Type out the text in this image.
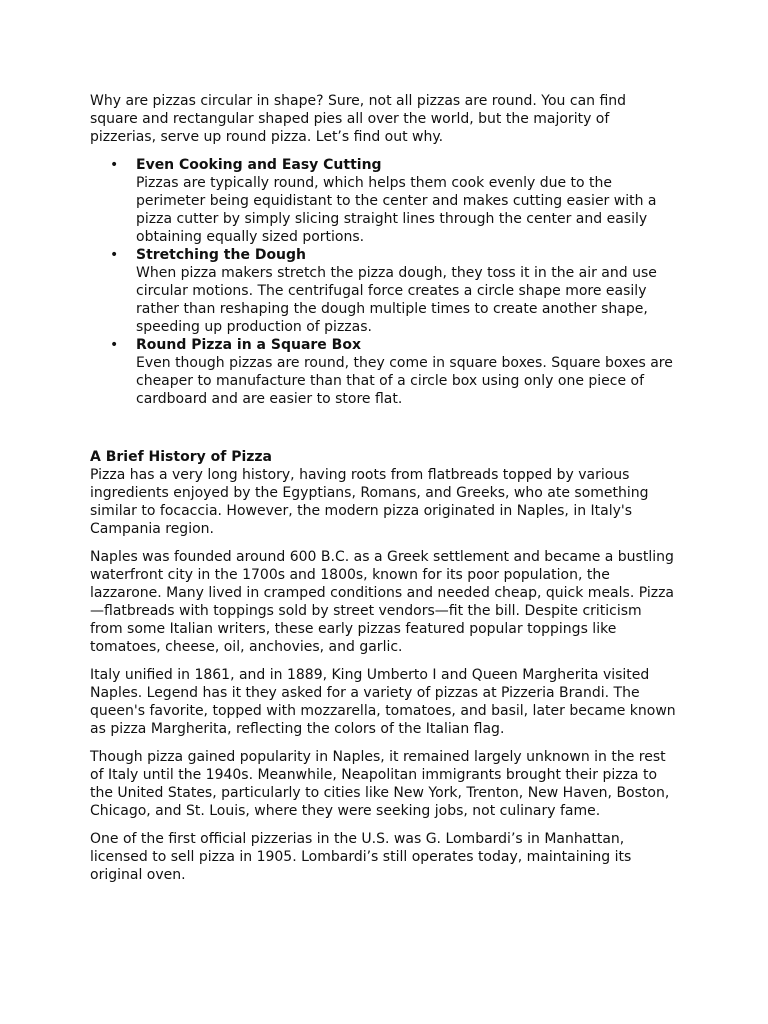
Why are pizzas circular in shape? Sure, not all pizzas are round. You can find square and rectangular shaped pies all over the world, but the majority of pizzerias, serve up round pizza. Let’s find out why.

• Even Cooking and Easy Cutting
Pizzas are typically round, which helps them cook evenly due to the perimeter being equidistant to the center and makes cutting easier with a pizza cutter by simply slicing straight lines through the center and easily obtaining equally sized portions.
• Stretching the Dough
When pizza makers stretch the pizza dough, they toss it in the air and use circular motions. The centrifugal force creates a circle shape more easily rather than reshaping the dough multiple times to create another shape, speeding up production of pizzas.
• Round Pizza in a Square Box
Even though pizzas are round, they come in square boxes. Square boxes are cheaper to manufacture than that of a circle box using only one piece of cardboard and are easier to store flat.
A Brief History of Pizza

Pizza has a very long history, having roots from flatbreads topped by various ingredients enjoyed by the Egyptians, Romans, and Greeks, who ate something similar to focaccia. However, the modern pizza originated in Naples, in Italy's Campania region.

Naples was founded around 600 B.C. as a Greek settlement and became a bustling waterfront city in the 1700s and 1800s, known for its poor population, the lazzarone. Many lived in cramped conditions and needed cheap, quick meals. Pizza—flatbreads with toppings sold by street vendors—fit the bill. Despite criticism from some Italian writers, these early pizzas featured popular toppings like tomatoes, cheese, oil, anchovies, and garlic.

Italy unified in 1861, and in 1889, King Umberto I and Queen Margherita visited Naples. Legend has it they asked for a variety of pizzas at Pizzeria Brandi. The queen's favorite, topped with mozzarella, tomatoes, and basil, later became known as pizza Margherita, reflecting the colors of the Italian flag.

Though pizza gained popularity in Naples, it remained largely unknown in the rest of Italy until the 1940s. Meanwhile, Neapolitan immigrants brought their pizza to the United States, particularly to cities like New York, Trenton, New Haven, Boston, Chicago, and St. Louis, where they were seeking jobs, not culinary fame.

One of the first official pizzerias in the U.S. was G. Lombardi’s in Manhattan, licensed to sell pizza in 1905. Lombardi’s still operates today, maintaining its original oven.
